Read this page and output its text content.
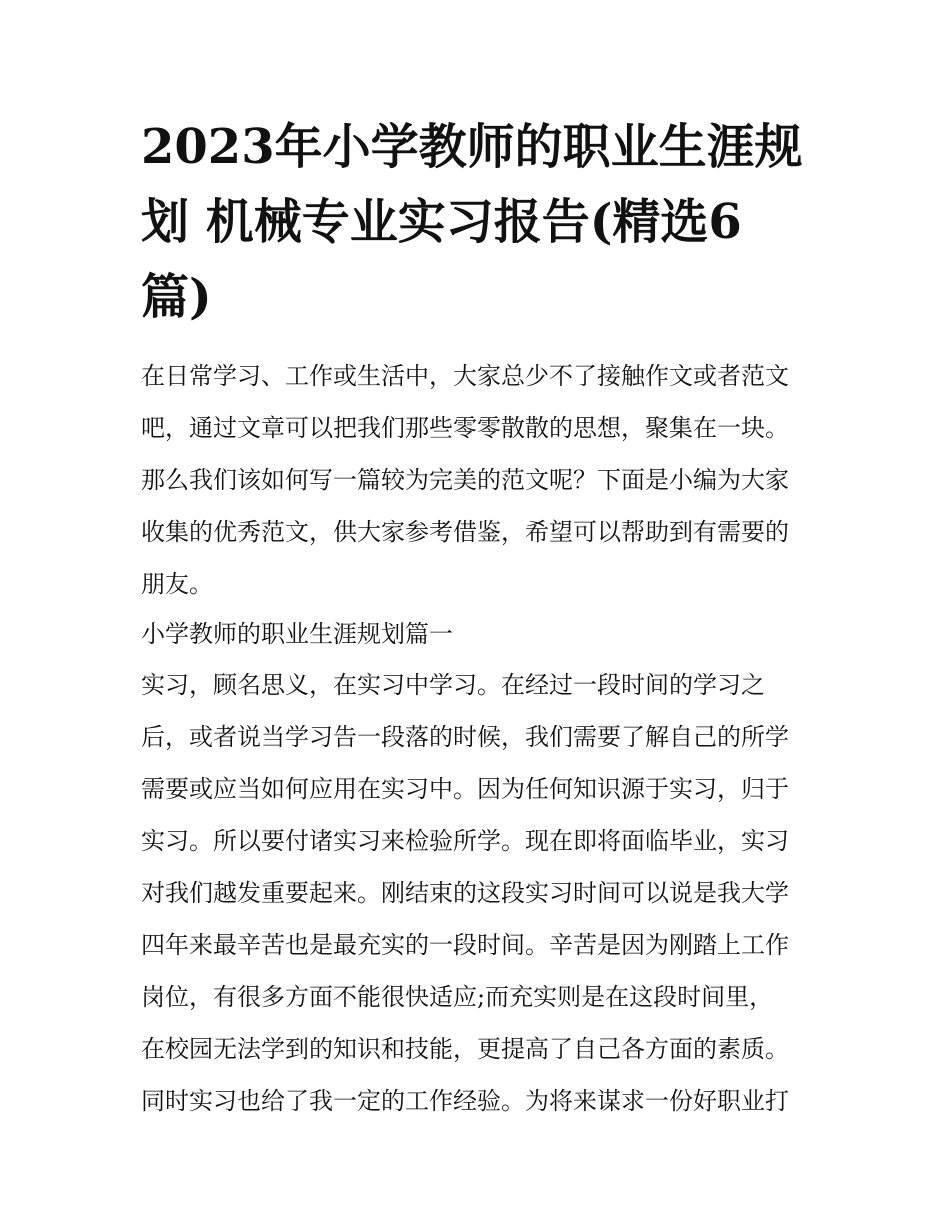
2023年小学教师的职业生涯规
划 机械专业实习报告(精选6
篇)

在日常学习、工作或生活中，大家总少不了接触作文或者范文
吧，通过文章可以把我们那些零零散散的思想，聚集在一块。
那么我们该如何写一篇较为完美的范文呢？下面是小编为大家
收集的优秀范文，供大家参考借鉴，希望可以帮助到有需要的
朋友。

小学教师的职业生涯规划篇一

实习，顾名思义，在实习中学习。在经过一段时间的学习之
后，或者说当学习告一段落的时候，我们需要了解自己的所学
需要或应当如何应用在实习中。因为任何知识源于实习，归于
实习。所以要付诸实习来检验所学。现在即将面临毕业，实习
对我们越发重要起来。刚结束的这段实习时间可以说是我大学
四年来最辛苦也是最充实的一段时间。辛苦是因为刚踏上工作
岗位，有很多方面不能很快适应;而充实则是在这段时间里，
在校园无法学到的知识和技能，更提高了自己各方面的素质。
同时实习也给了我一定的工作经验。为将来谋求一份好职业打
